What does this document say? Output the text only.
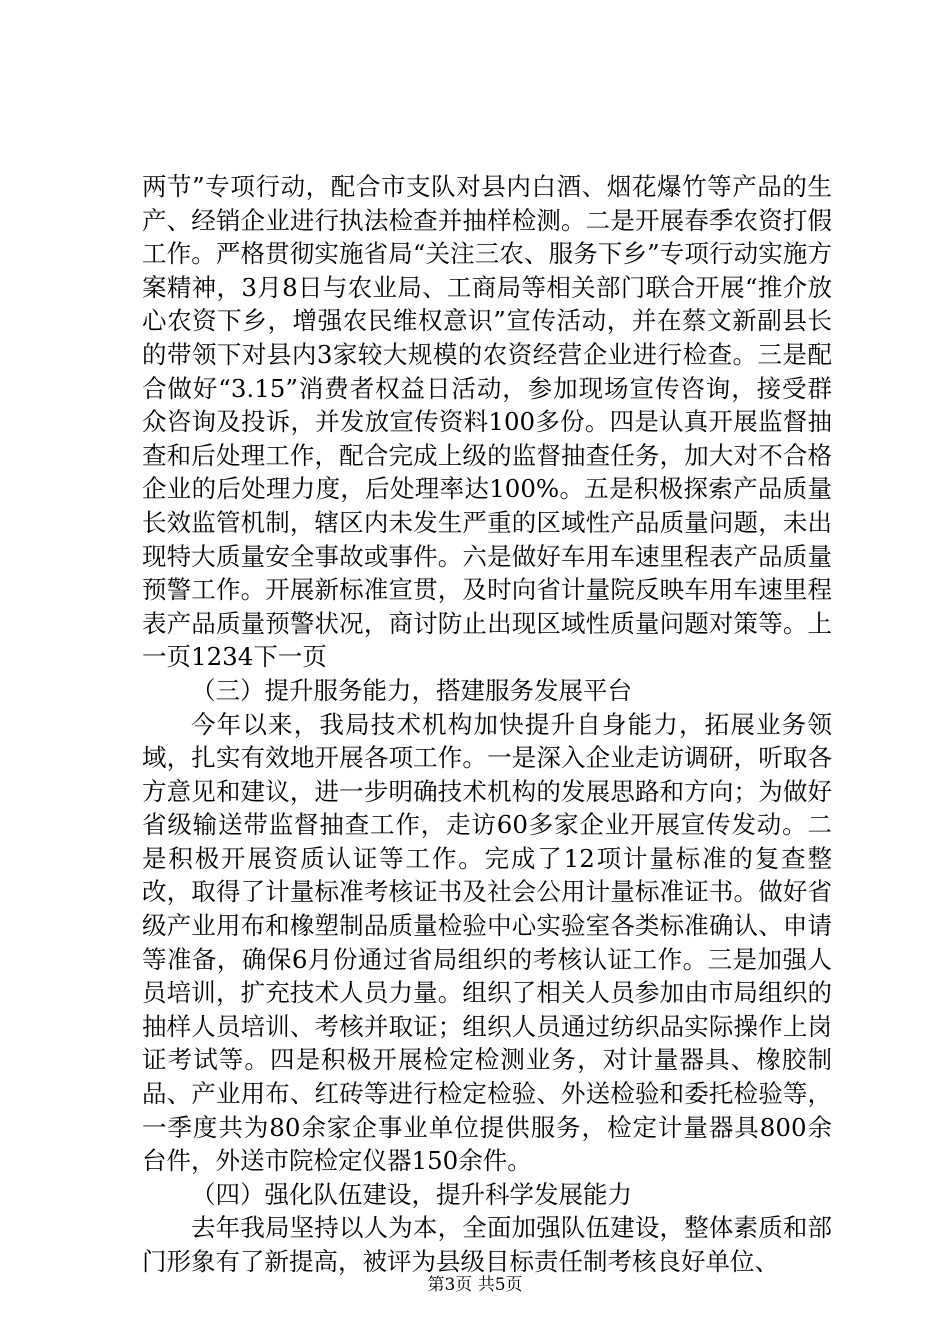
两节”专项行动，配合市支队对县内白酒、烟花爆竹等产品的生产、经销企业进行执法检查并抽样检测。二是开展春季农资打假工作。严格贯彻实施省局“关注三农、服务下乡”专项行动实施方案精神，3月8日与农业局、工商局等相关部门联合开展“推介放心农资下乡，增强农民维权意识”宣传活动，并在蔡文新副县长的带领下对县内3家较大规模的农资经营企业进行检查。三是配合做好“3.15”消费者权益日活动，参加现场宣传咨询，接受群众咨询及投诉，并发放宣传资料100多份。四是认真开展监督抽查和后处理工作，配合完成上级的监督抽查任务，加大对不合格企业的后处理力度，后处理率达100%。五是积极探索产品质量长效监管机制，辖区内未发生严重的区域性产品质量问题，未出现特大质量安全事故或事件。六是做好车用车速里程表产品质量预警工作。开展新标准宣贯，及时向省计量院反映车用车速里程表产品质量预警状况，商讨防止出现区域性质量问题对策等。上一页1234下一页

（三）提升服务能力，搭建服务发展平台

今年以来，我局技术机构加快提升自身能力，拓展业务领域，扎实有效地开展各项工作。一是深入企业走访调研，听取各方意见和建议，进一步明确技术机构的发展思路和方向；为做好省级输送带监督抽查工作，走访60多家企业开展宣传发动。二是积极开展资质认证等工作。完成了12项计量标准的复查整改，取得了计量标准考核证书及社会公用计量标准证书。做好省级产业用布和橡塑制品质量检验中心实验室各类标准确认、申请等准备，确保6月份通过省局组织的考核认证工作。三是加强人员培训，扩充技术人员力量。组织了相关人员参加由市局组织的抽样人员培训、考核并取证；组织人员通过纺织品实际操作上岗证考试等。四是积极开展检定检测业务，对计量器具、橡胶制品、产业用布、红砖等进行检定检验、外送检验和委托检验等，一季度共为80余家企事业单位提供服务，检定计量器具800余台件，外送市院检定仪器150余件。

（四）强化队伍建设，提升科学发展能力

去年我局坚持以人为本，全面加强队伍建设，整体素质和部门形象有了新提高，被评为县级目标责任制考核良好单位、

第3页 共5页
